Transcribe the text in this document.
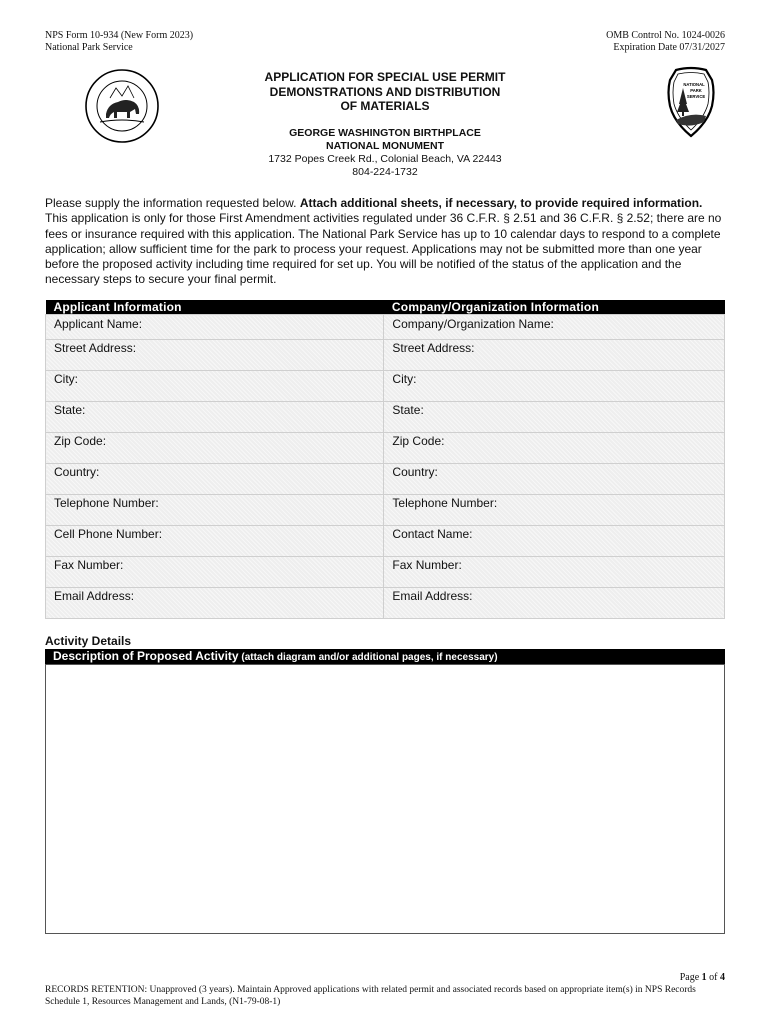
NPS Form 10-934 (New Form 2023)
National Park Service
OMB Control No. 1024-0026
Expiration Date 07/31/2027
NATIONAL
PARK
SERVICE
APPLICATION FOR SPECIAL USE PERMIT
DEMONSTRATIONS AND DISTRIBUTION
OF MATERIALS
GEORGE WASHINGTON BIRTHPLACE
NATIONAL MONUMENT
1732 Popes Creek Rd., Colonial Beach, VA 22443
804-224-1732
Please supply the information requested below. Attach additional sheets, if necessary, to provide required information. This application is only for those First Amendment activities regulated under 36 C.F.R. § 2.51 and 36 C.F.R. § 2.52; there are no fees or insurance required with this application. The National Park Service has up to 10 calendar days to respond to a complete application; allow sufficient time for the park to process your request. Applications may not be submitted more than one year before the proposed activity including time required for set up. You will be notified of the status of the application and the necessary steps to secure your final permit.
Applicant Information	Company/Organization Information
Applicant Name:	Company/Organization Name:
Street Address:	Street Address:
City:	City:
State:	State:
Zip Code:	Zip Code:
Country:	Country:
Telephone Number:	Telephone Number:
Cell Phone Number:	Contact Name:
Fax Number:	Fax Number:
Email Address:	Email Address:
Activity Details
Description of Proposed Activity (attach diagram and/or additional pages, if necessary)
Page 1 of 4
RECORDS RETENTION: Unapproved (3 years). Maintain Approved applications with related permit and associated records based on appropriate item(s) in NPS Records Schedule 1, Resources Management and Lands, (N1-79-08-1)
